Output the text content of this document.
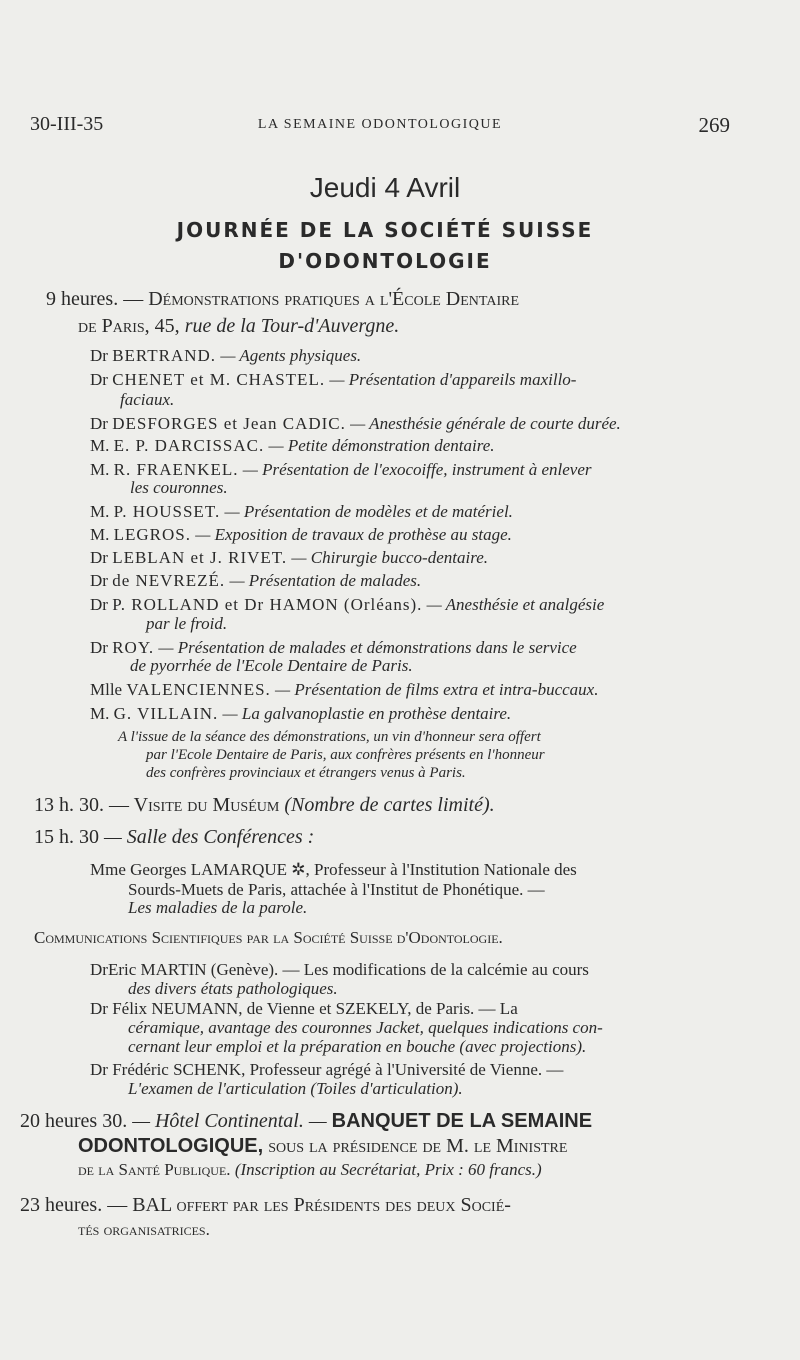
30-III-35	LA SEMAINE ODONTOLOGIQUE	269
Jeudi 4 Avril
JOURNÉE DE LA SOCIÉTÉ SUISSE
D'ODONTOLOGIE
9 heures. — Démonstrations pratiques a l'École Dentaire
de Paris, 45, rue de la Tour-d'Auvergne.
Dr BERTRAND. — Agents physiques.
Dr CHENET et M. CHASTEL. — Présentation d'appareils maxillo-
faciaux.
Dr DESFORGES et Jean CADIC. — Anesthésie générale de courte durée.
M. E. P. DARCISSAC. — Petite démonstration dentaire.
M. R. FRAENKEL. — Présentation de l'exocoiffe, instrument à enlever
les couronnes.
M. P. HOUSSET. — Présentation de modèles et de matériel.
M. LEGROS. — Exposition de travaux de prothèse au stage.
Dr LEBLAN et J. RIVET. — Chirurgie bucco-dentaire.
Dr de NEVREZÉ. — Présentation de malades.
Dr P. ROLLAND et Dr HAMON (Orléans). — Anesthésie et analgésie
par le froid.
Dr ROY. — Présentation de malades et démonstrations dans le service
de pyorrhée de l'Ecole Dentaire de Paris.
Mlle VALENCIENNES. — Présentation de films extra et intra-buccaux.
M. G. VILLAIN. — La galvanoplastie en prothèse dentaire.
A l'issue de la séance des démonstrations, un vin d'honneur sera offert
par l'Ecole Dentaire de Paris, aux confrères présents en l'honneur
des confrères provinciaux et étrangers venus à Paris.
13 h. 30. — Visite du Muséum (Nombre de cartes limité).
15 h. 30 — Salle des Conférences :
Mme Georges LAMARQUE ✲, Professeur à l'Institution Nationale des
Sourds-Muets de Paris, attachée à l'Institut de Phonétique. —
Les maladies de la parole.
Communications Scientifiques par la Société Suisse d'Odontologie.
DrEric MARTIN (Genève). — Les modifications de la calcémie au cours
des divers états pathologiques.
Dr Félix NEUMANN, de Vienne et SZEKELY, de Paris. — La
céramique, avantage des couronnes Jacket, quelques indications con-
cernant leur emploi et la préparation en bouche (avec projections).
Dr Frédéric SCHENK, Professeur agrégé à l'Université de Vienne. —
L'examen de l'articulation (Toiles d'articulation).
20 heures 30. — Hôtel Continental. — BANQUET DE LA SEMAINE
ODONTOLOGIQUE, sous la présidence de M. le Ministre
de la Santé Publique. (Inscription au Secrétariat, Prix : 60 francs.)
23 heures. — BAL offert par les Présidents des deux Socié-
tés organisatrices.
